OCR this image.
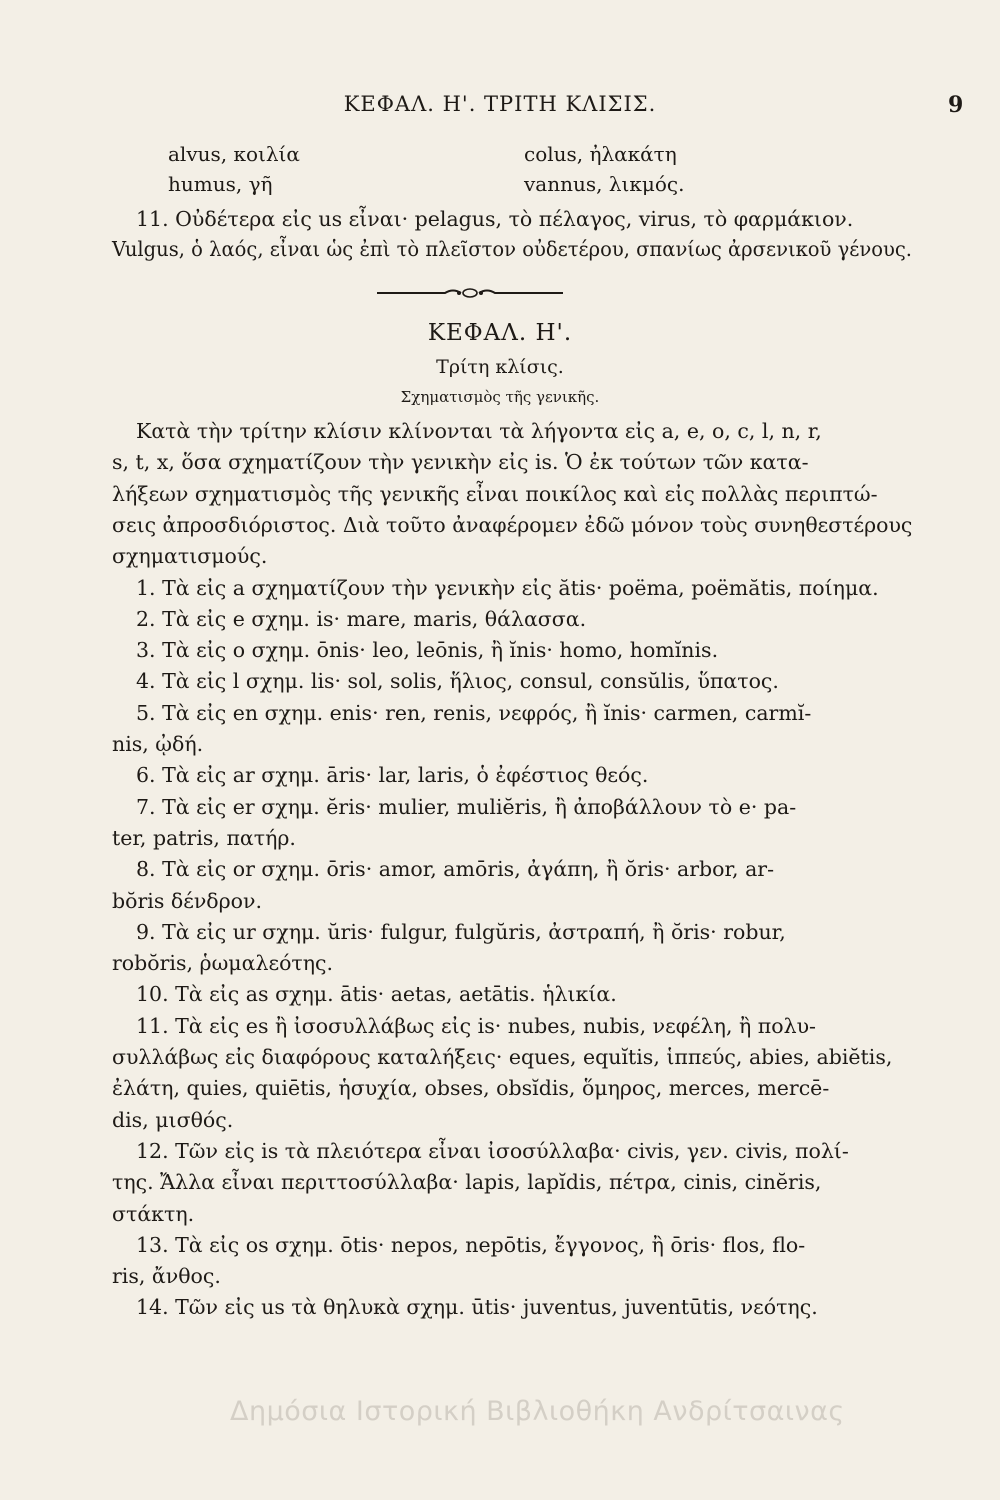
ΚΕΦΑΛ. Η'. ΤΡΙΤΗ ΚΛΙΣΙΣ.	9
alvus, κοιλία	colus, ἠλακάτη
humus, γῆ	vannus, λικμός.
11. Οὐδέτερα εἰς us εἶναι· pelagus, τὸ πέλαγος, virus, τὸ φαρμάκιον.
Vulgus, ὁ λαός, εἶναι ὡς ἐπὶ τὸ πλεῖστον οὐδετέρου, σπανίως ἀρσενικοῦ γένους.
ΚΕΦΑΛ. Η'.
Τρίτη κλίσις.
Σχηματισμὸς τῆς γενικῆς.
Κατὰ τὴν τρίτην κλίσιν κλίνονται τὰ λήγοντα εἰς a, e, o, c, l, n, r,
s, t, x, ὅσα σχηματίζουν τὴν γενικὴν εἰς is. Ὁ ἐκ τούτων τῶν κατα-
λήξεων σχηματισμὸς τῆς γενικῆς εἶναι ποικίλος καὶ εἰς πολλὰς περιπτώ-
σεις ἀπροσδιόριστος. Διὰ τοῦτο ἀναφέρομεν ἐδῶ μόνον τοὺς συνηθεστέρους
σχηματισμούς.
1. Τὰ εἰς a σχηματίζουν τὴν γενικὴν εἰς ătis· poëma, poëmătis, ποίημα.
2. Τὰ εἰς e σχημ. is· mare, maris, θάλασσα.
3. Τὰ εἰς o σχημ. ōnis· leo, leōnis, ἢ ĭnis· homo, homĭnis.
4. Τὰ εἰς l σχημ. lis· sol, solis, ἥλιος, consul, consŭlis, ὕπατος.
5. Τὰ εἰς en σχημ. enis· ren, renis, νεφρός, ἢ ĭnis· carmen, carmĭ-
nis, ᾠδή.
6. Τὰ εἰς ar σχημ. āris· lar, laris, ὁ ἐφέστιος θεός.
7. Τὰ εἰς er σχημ. ĕris· mulier, muliĕris, ἢ ἀποβάλλουν τὸ e· pa-
ter, patris, πατήρ.
8. Τὰ εἰς or σχημ. ōris· amor, amōris, ἀγάπη, ἢ ŏris· arbor, ar-
bŏris δένδρον.
9. Τὰ εἰς ur σχημ. ŭris· fulgur, fulgŭris, ἀστραπή, ἢ ŏris· robur,
robŏris, ῥωμαλεότης.
10. Τὰ εἰς as σχημ. ātis· aetas, aetātis. ἡλικία.
11. Τὰ εἰς es ἢ ἰσοσυλλάβως εἰς is· nubes, nubis, νεφέλη, ἢ πολυ-
συλλάβως εἰς διαφόρους καταλήξεις· eques, equĭtis, ἱππεύς, abies, abiĕtis,
ἐλάτη, quies, quiētis, ἡσυχία, obses, obsĭdis, ὅμηρος, merces, mercē-
dis, μισθός.
12. Τῶν εἰς is τὰ πλειότερα εἶναι ἰσοσύλλαβα· civis, γεν. civis, πολί-
της. Ἄλλα εἶναι περιττοσύλλαβα· lapis, lapĭdis, πέτρα, cinis, cinĕris,
στάκτη.
13. Τὰ εἰς os σχημ. ōtis· nepos, nepōtis, ἔγγονος, ἢ ōris· flos, flo-
ris, ἄνθος.
14. Τῶν εἰς us τὰ θηλυκὰ σχημ. ūtis· juventus, juventūtis, νεότης.
Δημόσια Ιστορική Βιβλιοθήκη Ανδρίτσαινας
